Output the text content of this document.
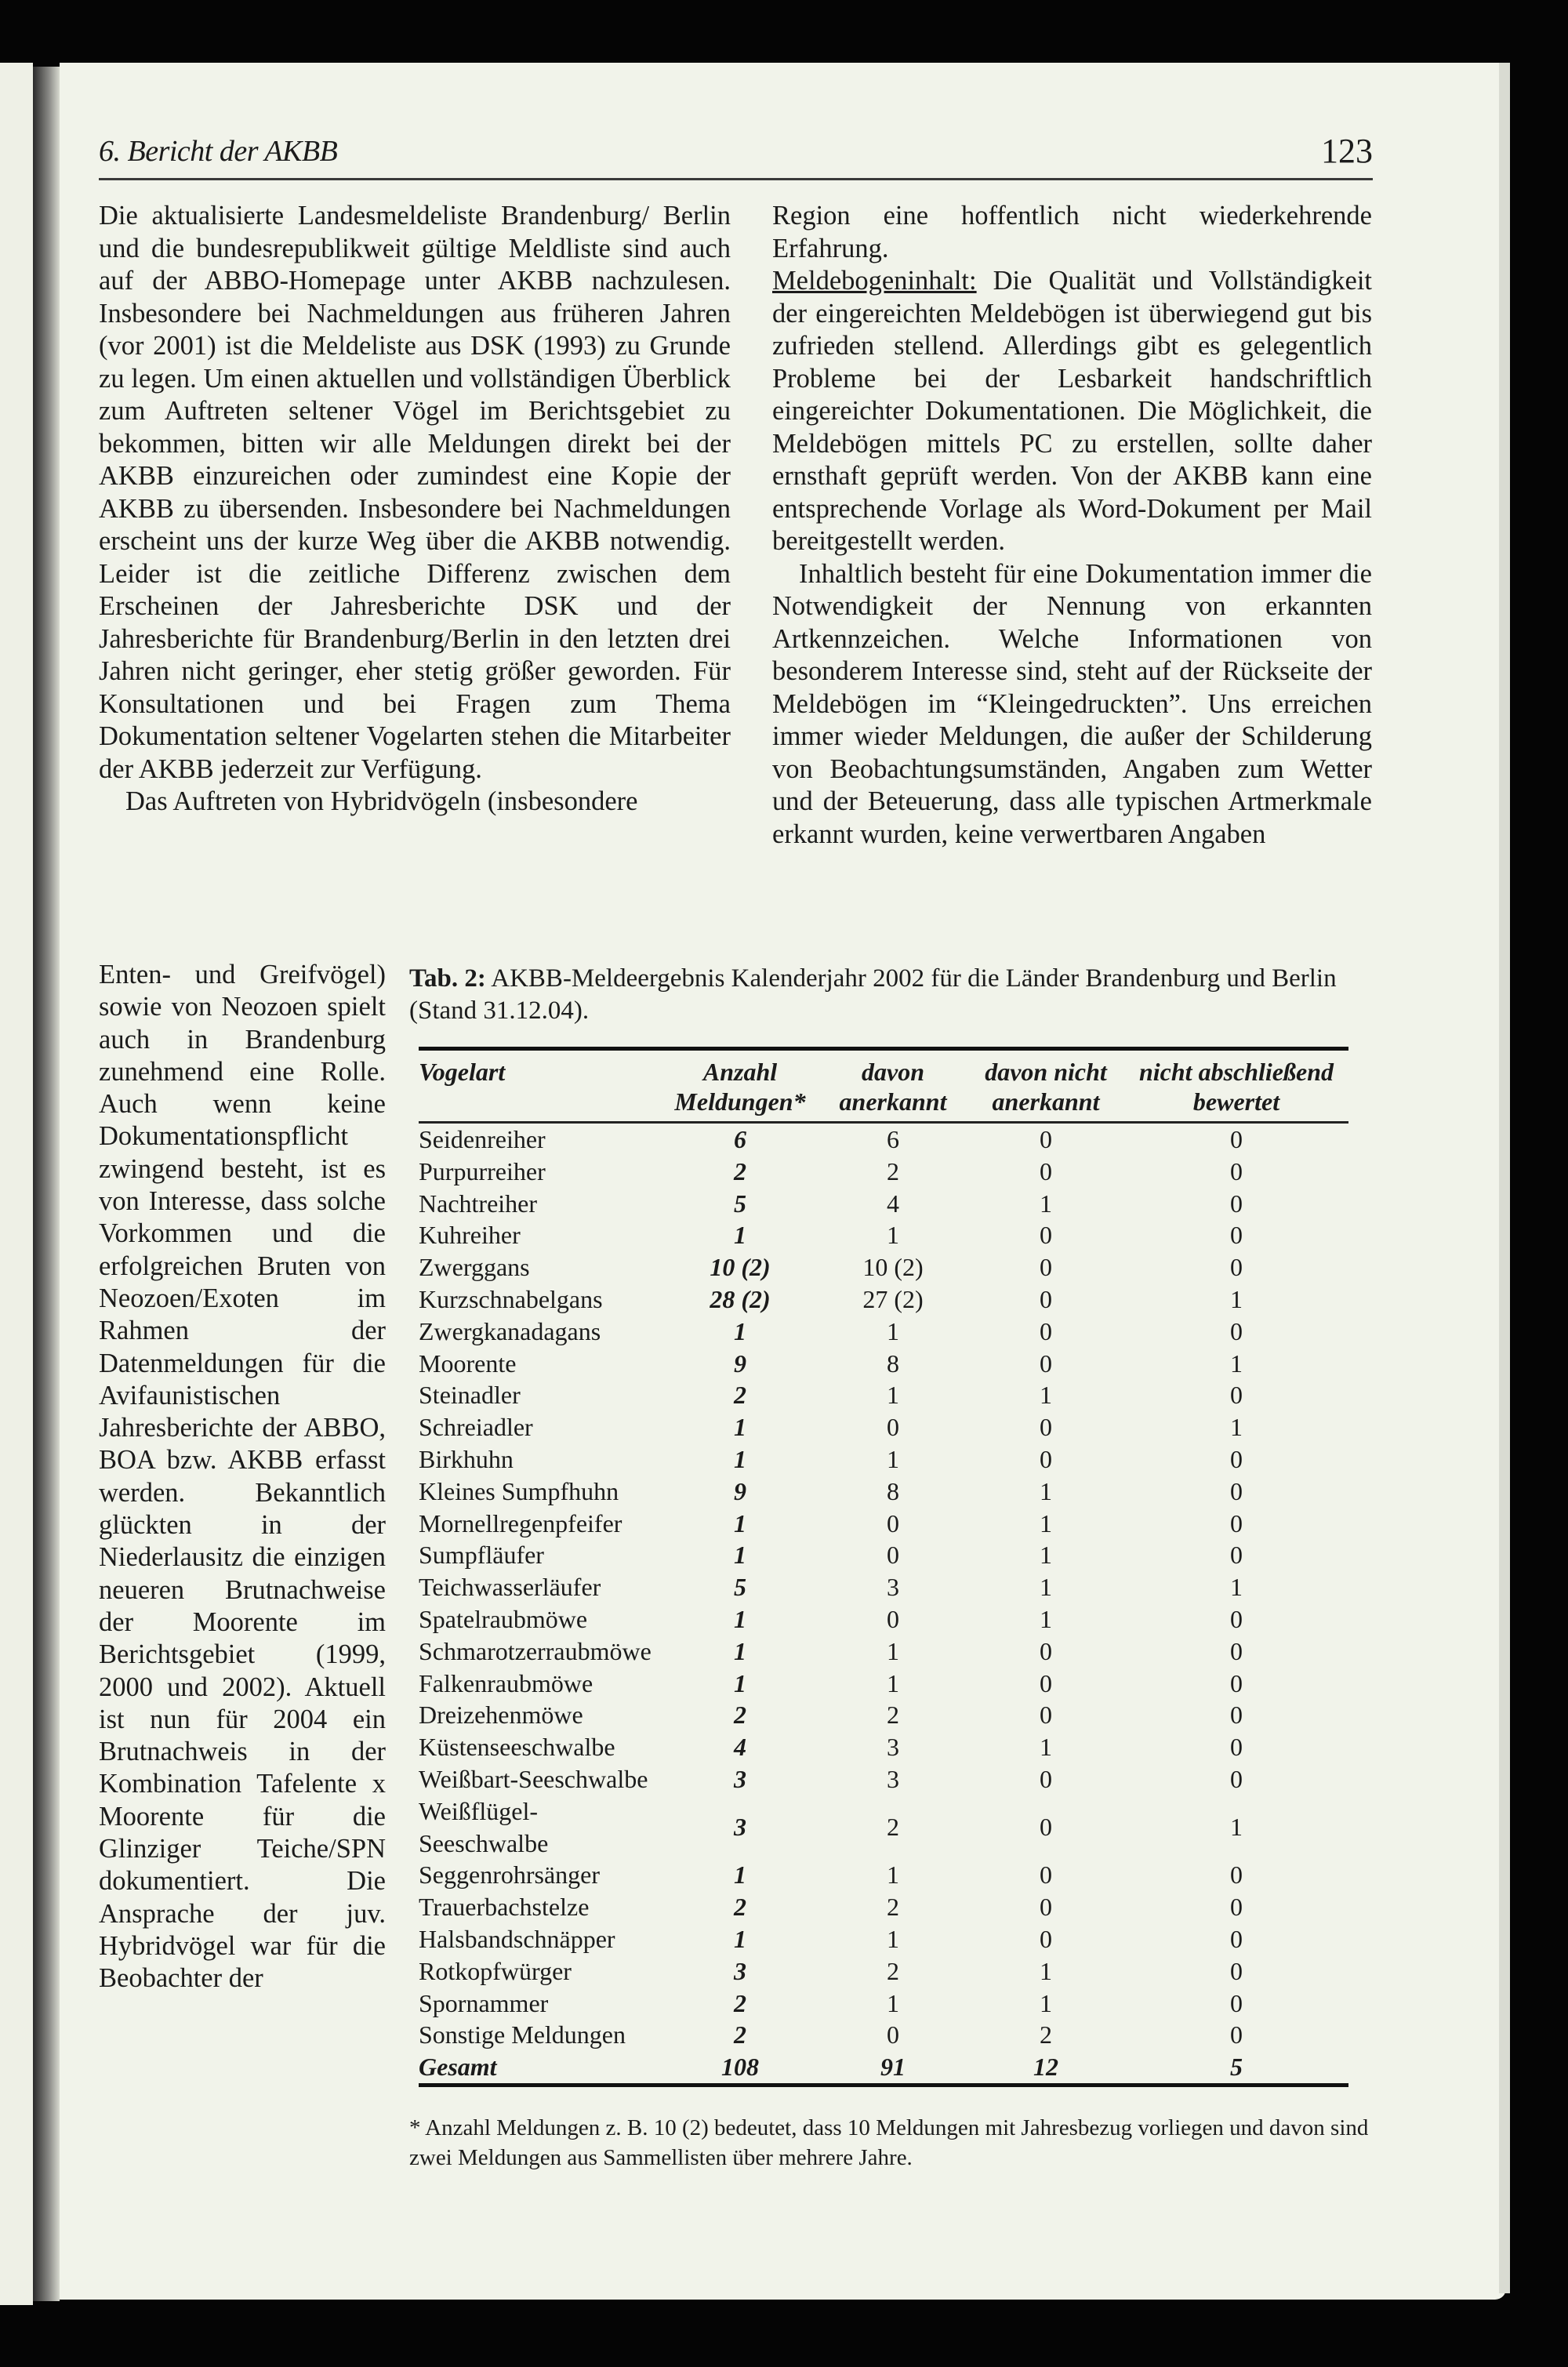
6. Bericht der AKBB	123

Die aktualisierte Landesmeldeliste Brandenburg/ Berlin und die bundesrepublikweit gültige Meldliste sind auch auf der ABBO-Homepage unter AKBB nachzulesen. Insbesondere bei Nachmeldungen aus früheren Jahren (vor 2001) ist die Meldeliste aus DSK (1993) zu Grunde zu legen. Um einen aktuellen und vollständigen Überblick zum Auftreten seltener Vögel im Berichtsgebiet zu bekommen, bitten wir alle Meldungen direkt bei der AKBB einzureichen oder zumindest eine Kopie der AKBB zu übersenden. Insbesondere bei Nachmeldungen erscheint uns der kurze Weg über die AKBB notwendig. Leider ist die zeitliche Differenz zwischen dem Erscheinen der Jahresberichte DSK und der Jahresberichte für Brandenburg/Berlin in den letzten drei Jahren nicht geringer, eher stetig größer geworden. Für Konsultationen und bei Fragen zum Thema Dokumentation seltener Vogelarten stehen die Mitarbeiter der AKBB jederzeit zur Verfügung.

Das Auftreten von Hybridvögeln (insbesondere

Enten- und Greifvögel) sowie von Neozoen spielt auch in Brandenburg zunehmend eine Rolle. Auch wenn keine Dokumentationspflicht zwingend besteht, ist es von Interesse, dass solche Vorkommen und die erfolgreichen Bruten von Neozoen/Exoten im Rahmen der Datenmeldungen für die Avifaunistischen Jahresberichte der ABBO, BOA bzw. AKBB erfasst werden. Bekanntlich glückten in der Niederlausitz die einzigen neueren Brutnachweise der Moorente im Berichtsgebiet (1999, 2000 und 2002). Aktuell ist nun für 2004 ein Brutnachweis in der Kombination Tafelente x Moorente für die Glinziger Teiche/SPN dokumentiert. Die Ansprache der juv. Hybridvögel war für die Beobachter der

Region eine hoffentlich nicht wiederkehrende Erfahrung.

Meldebogeninhalt: Die Qualität und Vollständigkeit der eingereichten Meldebögen ist überwiegend gut bis zufrieden stellend. Allerdings gibt es gelegentlich Probleme bei der Lesbarkeit handschriftlich eingereichter Dokumentationen. Die Möglichkeit, die Meldebögen mittels PC zu erstellen, sollte daher ernsthaft geprüft werden. Von der AKBB kann eine entsprechende Vorlage als Word-Dokument per Mail bereitgestellt werden.

Inhaltlich besteht für eine Dokumentation immer die Notwendigkeit der Nennung von erkannten Artkennzeichen. Welche Informationen von besonderem Interesse sind, steht auf der Rückseite der Meldebögen im “Kleingedruckten”. Uns erreichen immer wieder Meldungen, die außer der Schilderung von Beobachtungsumständen, Angaben zum Wetter und der Beteuerung, dass alle typischen Artmerkmale erkannt wurden, keine verwertbaren Angaben

Tab. 2: AKBB-Meldeergebnis Kalenderjahr 2002 für die Länder Brandenburg und Berlin (Stand 31.12.04).
Vogelart	Anzahl Meldungen*	davon anerkannt	davon nicht anerkannt	nicht abschließend bewertet
Seidenreiher	6	6	0	0
Purpurreiher	2	2	0	0
Nachtreiher	5	4	1	0
Kuhreiher	1	1	0	0
Zwerggans	10 (2)	10 (2)	0	0
Kurzschnabelgans	28 (2)	27 (2)	0	1
Zwergkanadagans	1	1	0	0
Moorente	9	8	0	1
Steinadler	2	1	1	0
Schreiadler	1	0	0	1
Birkhuhn	1	1	0	0
Kleines Sumpfhuhn	9	8	1	0
Mornellregenpfeifer	1	0	1	0
Sumpfläufer	1	0	1	0
Teichwasserläufer	5	3	1	1
Spatelraubmöwe	1	0	1	0
Schmarotzerraubmöwe	1	1	0	0
Falkenraubmöwe	1	1	0	0
Dreizehenmöwe	2	2	0	0
Küstenseeschwalbe	4	3	1	0
Weißbart-Seeschwalbe	3	3	0	0
Weißflügel-Seeschwalbe	3	2	0	1
Seggenrohrsänger	1	1	0	0
Trauerbachstelze	2	2	0	0
Halsbandschnäpper	1	1	0	0
Rotkopfwürger	3	2	1	0
Spornammer	2	1	1	0
Sonstige Meldungen	2	0	2	0
Gesamt	108	91	12	5
* Anzahl Meldungen z. B. 10 (2) bedeutet, dass 10 Meldungen mit Jahresbezug vorliegen und davon sind zwei Meldungen aus Sammellisten über mehrere Jahre.
